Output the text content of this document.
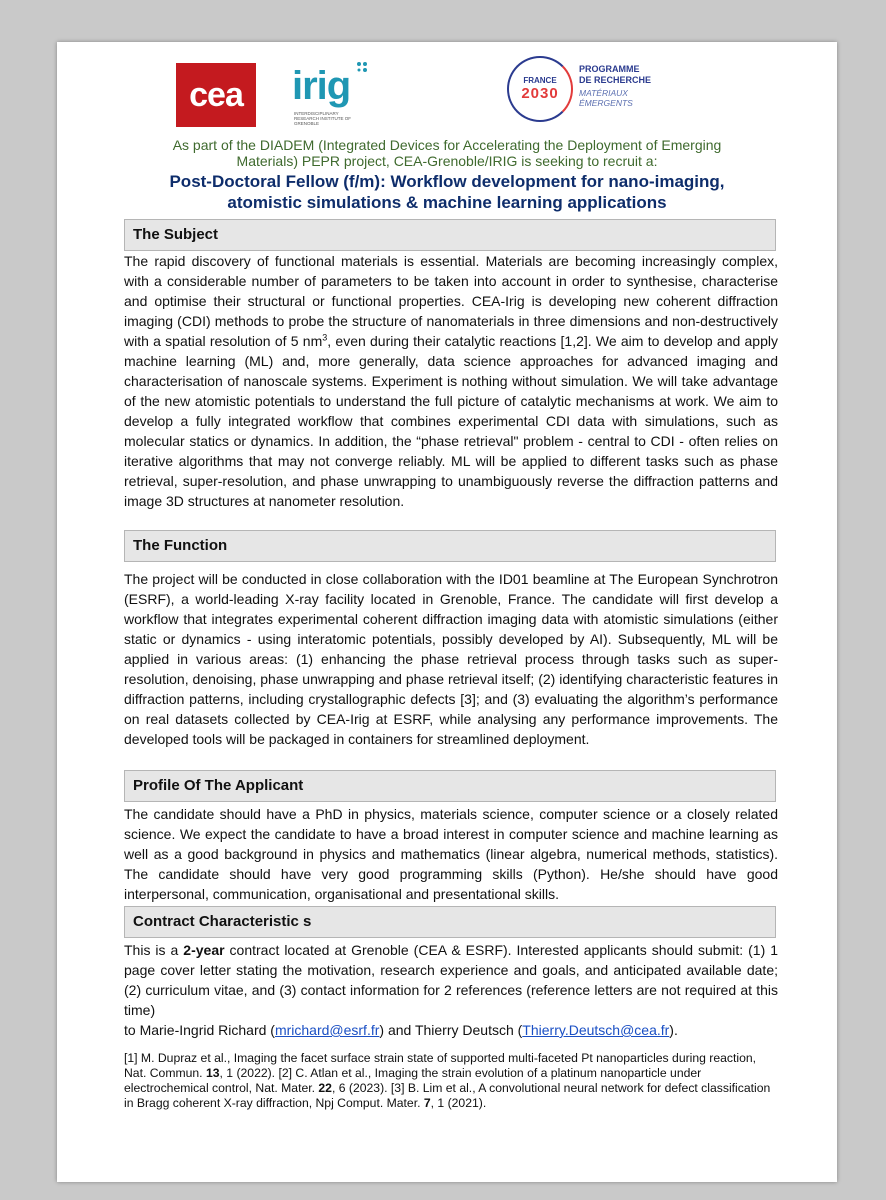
cea irig
INTERDISCIPLINARY RESEARCH INSTITUTE OF GRENOBLE
FRANCE
2030
PROGRAMME
DE RECHERCHE
MATÉRIAUX
ÉMERGENTS
As part of the DIADEM (Integrated Devices for Accelerating the Deployment of Emerging
Materials) PEPR project, CEA-Grenoble/IRIG is seeking to recruit a:
Post-Doctoral Fellow (f/m): Workflow development for nano-imaging,
atomistic simulations & machine learning applications
The Subject
The rapid discovery of functional materials is essential. Materials are becoming increasingly complex, with a considerable number of parameters to be taken into account in order to synthesise, characterise and optimise their structural or functional properties. CEA-Irig is developing new coherent diffraction imaging (CDI) methods to probe the structure of nanomaterials in three dimensions and non-destructively with a spatial resolution of 5 $nm^3$, even during their catalytic reactions [1,2]. We aim to develop and apply machine learning (ML) and, more generally, data science approaches for advanced imaging and characterisation of nanoscale systems. Experiment is nothing without simulation. We will take advantage of the new atomistic potentials to understand the full picture of catalytic mechanisms at work. We aim to develop a fully integrated workflow that combines experimental CDI data with simulations, such as molecular statics or dynamics. In addition, the “phase retrieval" problem - central to CDI - often relies on iterative algorithms that may not converge reliably. ML will be applied to different tasks such as phase retrieval, super-resolution, and phase unwrapping to unambiguously reverse the diffraction patterns and image 3D structures at nanometer resolution.
The Function
The project will be conducted in close collaboration with the ID01 beamline at The European Synchrotron (ESRF), a world-leading X-ray facility located in Grenoble, France. The candidate will first develop a workflow that integrates experimental coherent diffraction imaging data with atomistic simulations (either static or dynamics - using interatomic potentials, possibly developed by AI). Subsequently, ML will be applied in various areas: (1) enhancing the phase retrieval process through tasks such as super-resolution, denoising, phase unwrapping and phase retrieval itself; (2) identifying characteristic features in diffraction patterns, including crystallographic defects [3]; and (3) evaluating the algorithm’s performance on real datasets collected by CEA-Irig at ESRF, while analysing any performance improvements. The developed tools will be packaged in containers for streamlined deployment.
Profile Of The Applicant
The candidate should have a PhD in physics, materials science, computer science or a closely related science. We expect the candidate to have a broad interest in computer science and machine learning as well as a good background in physics and mathematics (linear algebra, numerical methods, statistics). The candidate should have very good programming skills (Python). He/she should have good interpersonal, communication, organisational and presentational skills.
Contract Characteristic s
This is a 2-year contract located at Grenoble (CEA & ESRF). Interested applicants should submit: (1) 1 page cover letter stating the motivation, research experience and goals, and anticipated available date; (2) curriculum vitae, and (3) contact information for 2 references (reference letters are not required at this time)
to Marie-Ingrid Richard (mrichard@esrf.fr) and Thierry Deutsch (Thierry.Deutsch@cea.fr).
[1] M. Dupraz et al., Imaging the facet surface strain state of supported multi-faceted Pt nanoparticles during reaction, Nat. Commun. 13, 1 (2022). [2] C. Atlan et al., Imaging the strain evolution of a platinum nanoparticle under electrochemical control, Nat. Mater. 22, 6 (2023). [3] B. Lim et al., A convolutional neural network for defect classification in Bragg coherent X-ray diffraction, Npj Comput. Mater. 7, 1 (2021).
